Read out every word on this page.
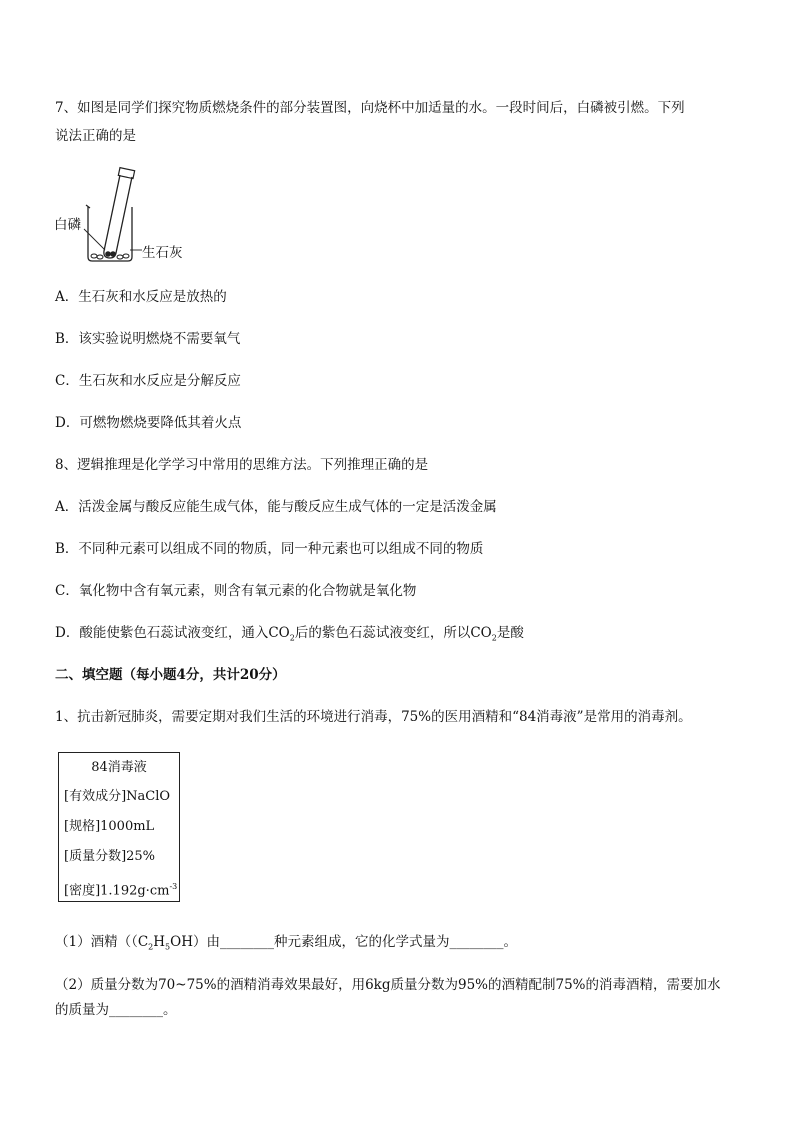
7、如图是同学们探究物质燃烧条件的部分装置图，向烧杯中加适量的水。一段时间后，白磷被引燃。下列
说法正确的是
白磷
生石灰
A．生石灰和水反应是放热的
B．该实验说明燃烧不需要氧气
C．生石灰和水反应是分解反应
D．可燃物燃烧要降低其着火点
8、逻辑推理是化学学习中常用的思维方法。下列推理正确的是
A．活泼金属与酸反应能生成气体，能与酸反应生成气体的一定是活泼金属
B．不同种元素可以组成不同的物质，同一种元素也可以组成不同的物质
C．氧化物中含有氧元素，则含有氧元素的化合物就是氧化物
D．酸能使紫色石蕊试液变红，通入$CO_2$后的紫色石蕊试液变红，所以$CO_2$是酸
二、填空题（每小题4分，共计20分）
1、抗击新冠肺炎，需要定期对我们生活的环境进行消毒，75%的医用酒精和“84消毒液”是常用的消毒剂。
84消毒液
[有效成分]NaClO
[规格]1000mL
[质量分数]25%
[密度]$1.192g\cdot cm^{-3}$
（1）酒精（$(C_2H_5OH)$由________种元素组成，它的化学式量为________。
（2）质量分数为70~75%的酒精消毒效果最好，用6kg质量分数为95%的酒精配制75%的消毒酒精，需要加水
的质量为________。
